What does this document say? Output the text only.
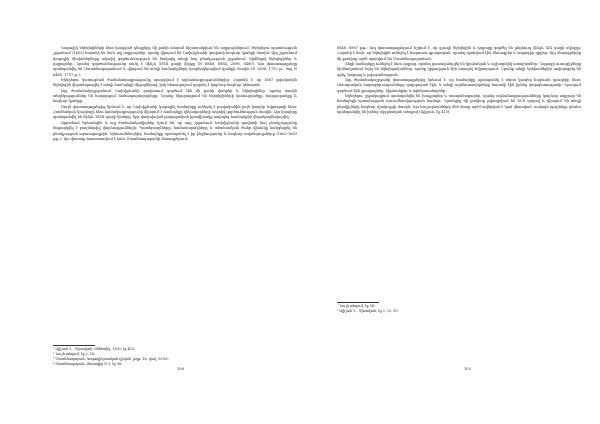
Կաթոլիկ եկեղեցիների հետ կապված դեպքերը մի քանի անգամ հիշատակվում են աղբյուրներում։ Եկեղեցու պատմության շրջանում (1605) հայտնի են նաև այլ աղբյուրներ, որոնք վկայում են Նախիջևանի գավառի հոգևոր կյանքի մասին։ Այդ շրջանում կաթոլիկ միսիոներները ակտիվ գործունեություն են ծավալել տեղի հայ բնակչության շրջանում, հիմնելով եկեղեցիներ և դպրոցներ։ Նրանց գործունեությունը տևել է մինչև XVIII դարի վերջը (N 8848, 8884, 2898, 6480)։ Այս փաստաթղթերը պահպանվել են Մատենադարանում և վկայում են տեղի համայնքների կազմակերպված կյանքի մասին (N 2898, 1752 թ., ծալ N 6480, 1757 թ.)։

Եկեղեցու կառուցման ժամանակագրությունը պարզվում է արձանագրություններից։ Հայտնի է, որ 1667 թվականին եկեղեցին վերանորոգվել է տեղի համայնքի միջոցներով, իսկ հետագայում դարձել է կարևոր հոգևոր կենտրոն։

Այդ ժամանակաշրջանում Նախիջևանի գավառում գործում էին մի քանի վանքեր և եկեղեցիներ, որոնց մասին տեղեկություններ են հաղորդում ճանապարհորդները։ Նրանք նկարագրում են եկեղեցիների կառուցվածքը, հարդարանքը և հոգևոր կյանքը։

Սույն փաստաթղթերից երևում է, որ Նախիջևանի կաթոլիկ համայնքը ունեցել է բավականին լայն կապեր Եվրոպայի հետ։ Հռոմեական կուրիայի հետ նամակագրությունը վկայում է համայնքի ղեկավարների ակտիվ գործունեության մասին։ Այս կապերը պահպանվել են մինչև XVIII դարի կեսերը, երբ փոփոխված քաղաքական իրավիճակը ստիպեց համայնքին վերակողմնորոշվել։

Աբրահամ Երևանցին և այլ ժամանակակիցներ նշում են, որ այդ շրջանում Նախիջևանի գավառի հայ բնակչությունը ենթարկվել է բազմաթիվ փորձությունների։ Պատերազմները, համաճարակները և տնտեսական ծանր վիճակը հանգեցրել են բնակչության արտագաղթին։ Այնուամենայնիվ, համայնքը պահպանել է իր ինքնությունը և հոգևոր ավանդույթները (1662-1683 թթ.)։ Այս փաստը հաստատվում է նաև Մատենադարանի ձեռագրերում։

¹ Ալիշան Ղ., Սիսական, Վենետիկ, 1893, էջ 420։
² Նույն տեղում, էջ 2, 16։
³ Մատենադարան, Կաթողիկոսական դիվան, թղթ. 1b, վավ. 53-60։
⁴ Մատենադարան, Ձեռագիր N 5, էջ 56։
106

8848, 8887 թթ.։ Այդ փաստաթղթերում նշվում է, որ գյուղի եկեղեցին և դպրոցը գործել են ընդհուպ մինչև XIX դարի սկիզբը։ Հայտնի է նաև, որ եկեղեցին ունեցել է հարուստ գրադարան, որտեղ պահվում էին ձեռագրեր և տպագիր գրքեր։ Այդ ձեռագրերից մի քանիսը այժմ պահվում են Մատենադարանում։

Տեղի համայնքը ունեցել է նաև դպրոց, որտեղ դասավանդվել են կրոնական և աշխարհիկ առարկաներ։ Դպրոցի ուսուցիչները հիմնականում եղել են եկեղեցականներ, որոնք կրթություն էին ստացել Եվրոպայում։ Նրանք տեղի երեխաներին սովորեցրել են գրել, կարդալ և թվաբանություն։

Այդ ժամանակաշրջանի փաստաթղթերից երևում է, որ համայնքը պահպանել է սերտ կապեր հարևան գյուղերի հետ։ Առևտրական հարաբերությունները զարգացած էին, և տեղի արհեստավորները հայտնի էին իրենց վարպետությամբ։ Գյուղում գործում էին ջրաղացներ, ձիթհանքեր և արհեստանոցներ։

Եկեղեցու շրջակայքում պահպանվել են խաչքարեր և տապանաքարեր, որոնց արձանագրությունները կարևոր աղբյուր են համայնքի պատմության ուսումնասիրության համար։ Դրանցից մի քանիսը թվագրվում են XVII դարով և վկայում են տեղի բնակիչների հոգևոր մշակույթի մասին։ Այս հուշարձանների մեծ մասը այժմ ավերված է կամ վնասված, սակայն որոշները դեռևս պահպանվել են իրենց սկզբնական տեսքով (Ալիշան, էջ 413)։

⁵ Նույն տեղում, էջ 54։
⁶ Ալիշան Ղ., Սիսական, էջ 2, 13, 59։
105
